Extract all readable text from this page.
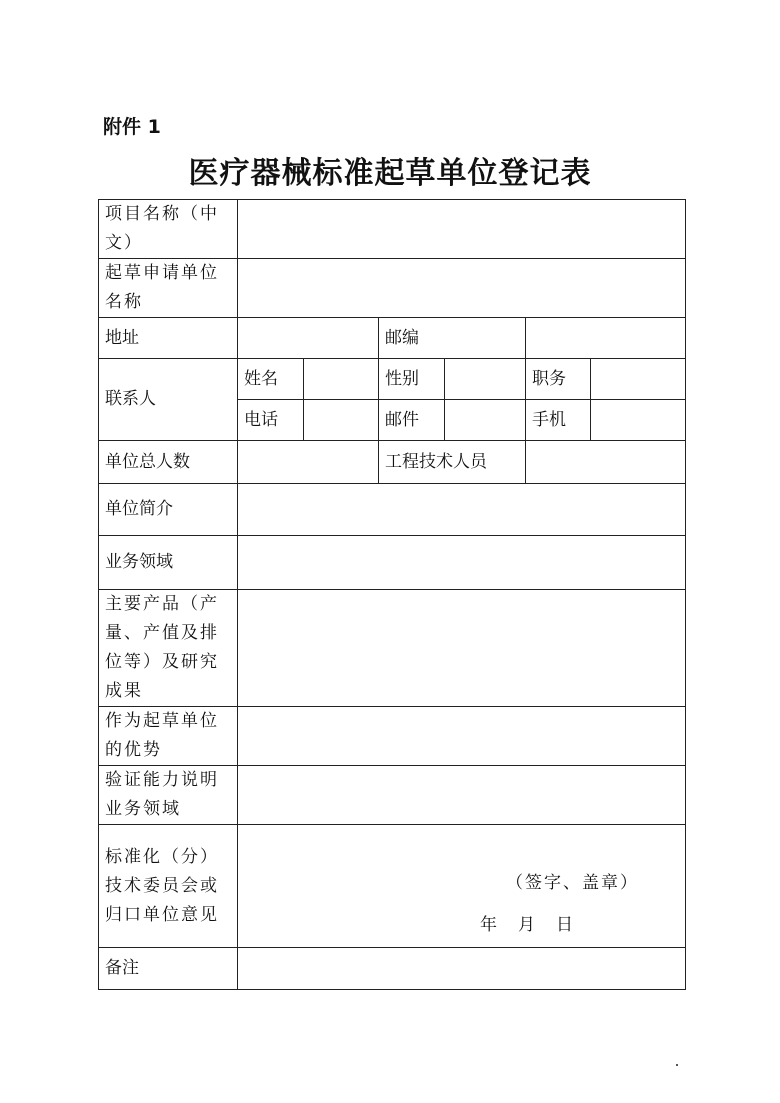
附件 1
医疗器械标准起草单位登记表
项目名称（中文）						
起草申请单位名称						
地址			邮编			
联系人	姓名		性别		职务	
	电话		邮件		手机	
单位总人数			工程技术人员			
单位简介						
业务领域						
主要产品（产量、产值及排位等）及研究成果						
作为起草单位的优势						
验证能力说明业务领域						
标准化（分）技术委员会或归口单位意见	（签字、盖章）
年　月　日					

备注						
